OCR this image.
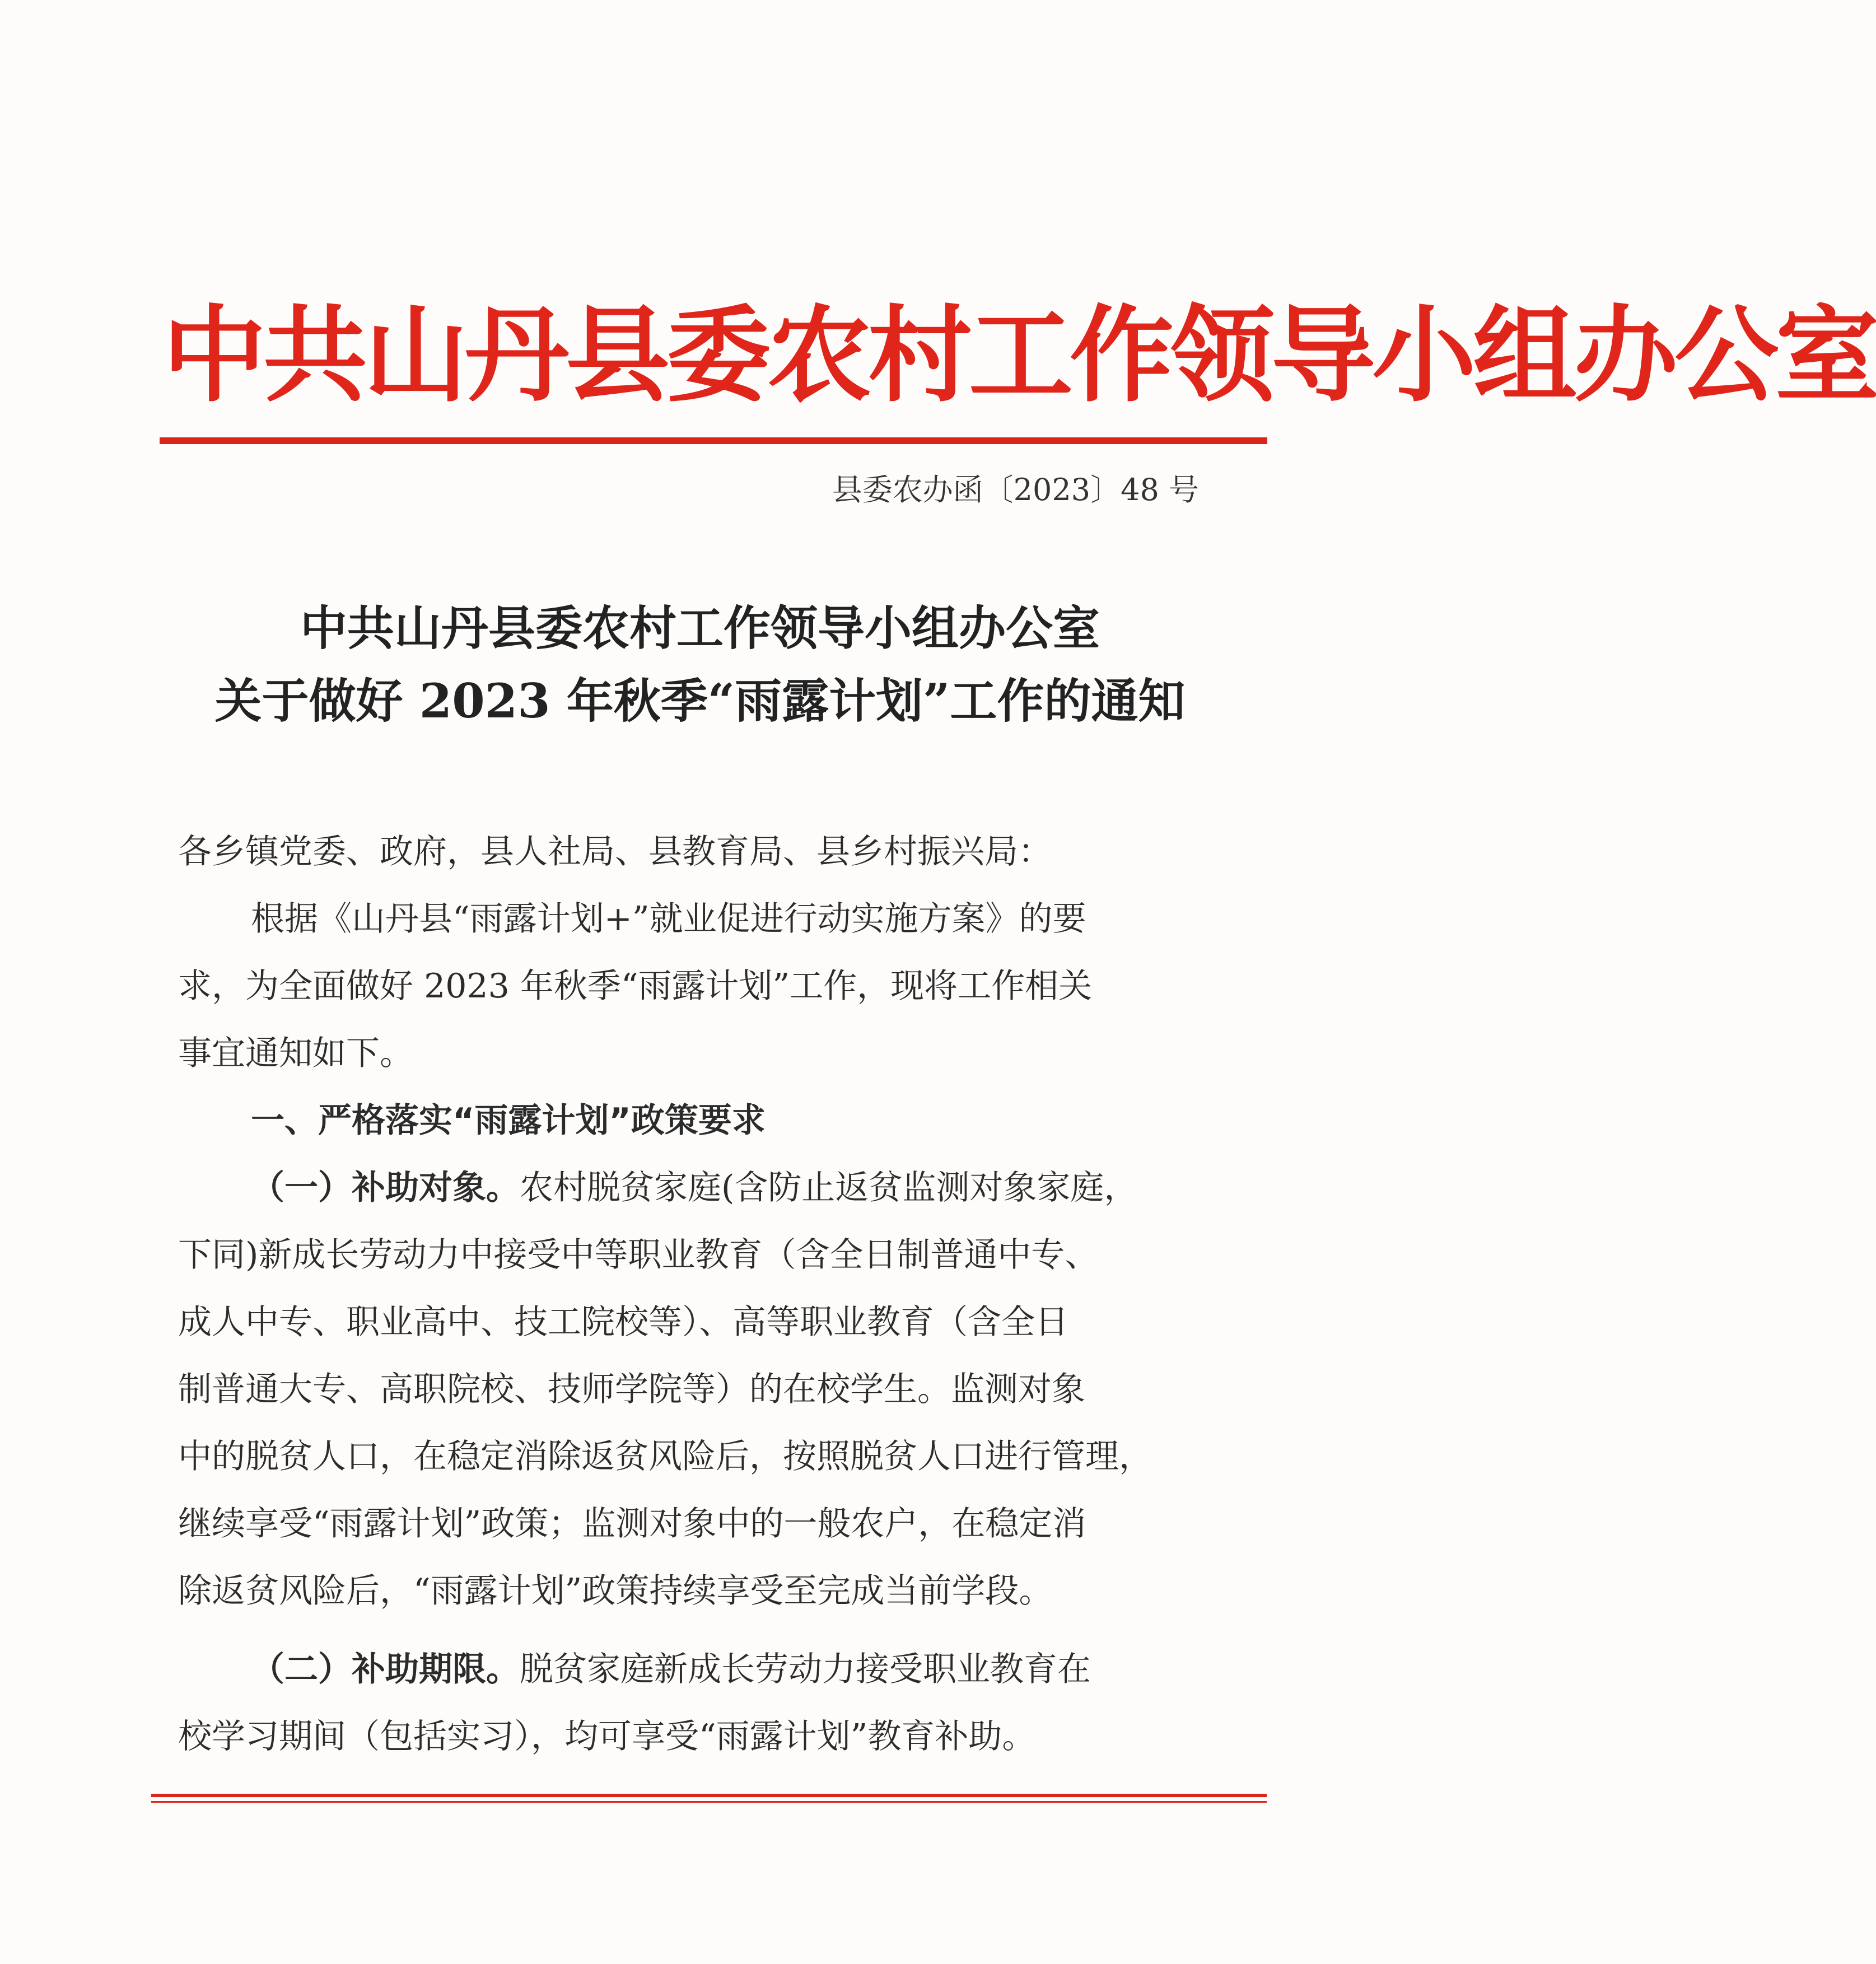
中共山丹县委农村工作领导小组办公室
县委农办函〔2023〕48 号
中共山丹县委农村工作领导小组办公室
关于做好 2023 年秋季“雨露计划”工作的通知
各乡镇党委、政府，县人社局、县教育局、县乡村振兴局：
根据《山丹县“雨露计划+”就业促进行动实施方案》的要
求，为全面做好 2023 年秋季“雨露计划”工作，现将工作相关
事宜通知如下。
一、严格落实“雨露计划”政策要求
（一）补助对象。农村脱贫家庭(含防止返贫监测对象家庭，
下同)新成长劳动力中接受中等职业教育（含全日制普通中专、
成人中专、职业高中、技工院校等）、高等职业教育（含全日
制普通大专、高职院校、技师学院等）的在校学生。监测对象
中的脱贫人口，在稳定消除返贫风险后，按照脱贫人口进行管理，
继续享受“雨露计划”政策；监测对象中的一般农户，在稳定消
除返贫风险后，“雨露计划”政策持续享受至完成当前学段。
（二）补助期限。脱贫家庭新成长劳动力接受职业教育在
校学习期间（包括实习），均可享受“雨露计划”教育补助。
